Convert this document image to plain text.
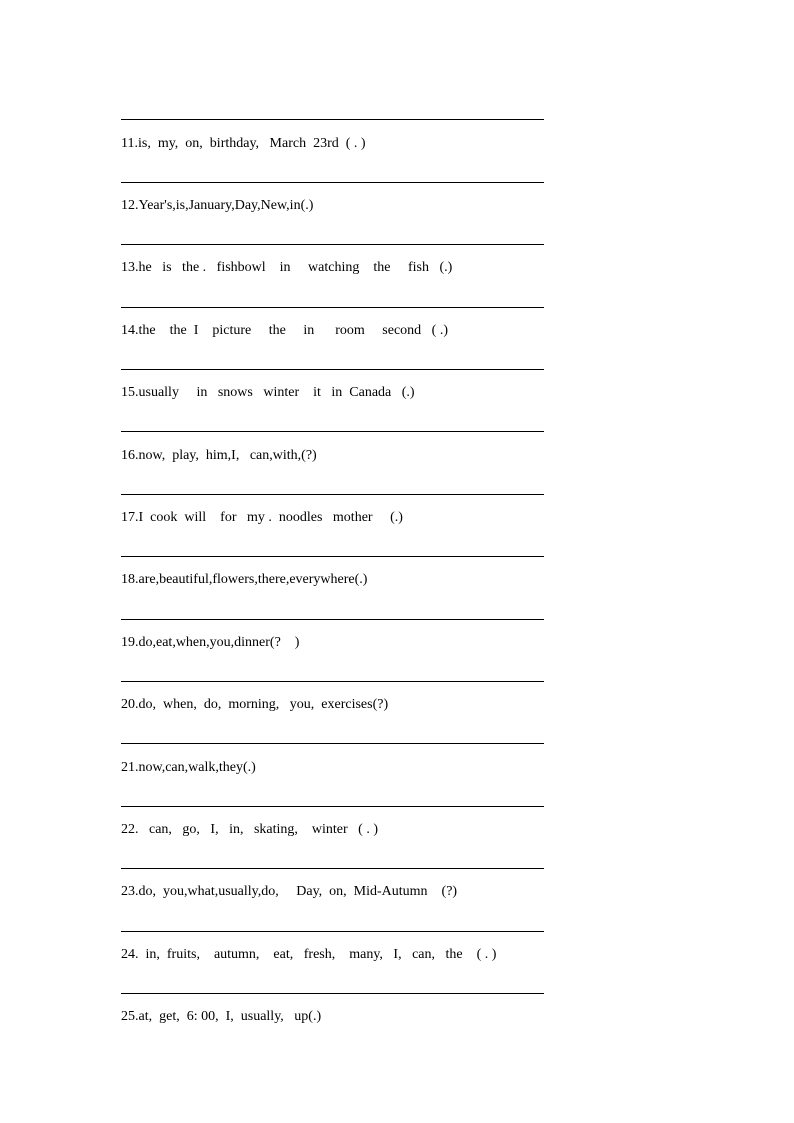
11.is,  my,  on,  birthday,   March  23rd  ( . )
12.Year's,is,January,Day,New,in(.)
13.he   is   the .   fishbowl    in     watching    the     fish   (.)
14.the    the  I    picture     the     in      room     second   ( .)
15.usually     in   snows   winter    it   in  Canada   (.)
16.now,  play,  him,I,   can,with,(?)
17.I  cook  will    for   my .  noodles   mother     (.)
18.are,beautiful,flowers,there,everywhere(.)
19.do,eat,when,you,dinner(?    )
20.do,  when,  do,  morning,   you,  exercises(?)
21.now,can,walk,they(.)
22.   can,   go,   I,   in,   skating,    winter   ( . )
23.do,  you,what,usually,do,     Day,  on,  Mid-Autumn    (?)
24.  in,  fruits,    autumn,    eat,   fresh,    many,   I,   can,   the    ( . )
25.at,  get,  6: 00,  I,  usually,   up(.)
